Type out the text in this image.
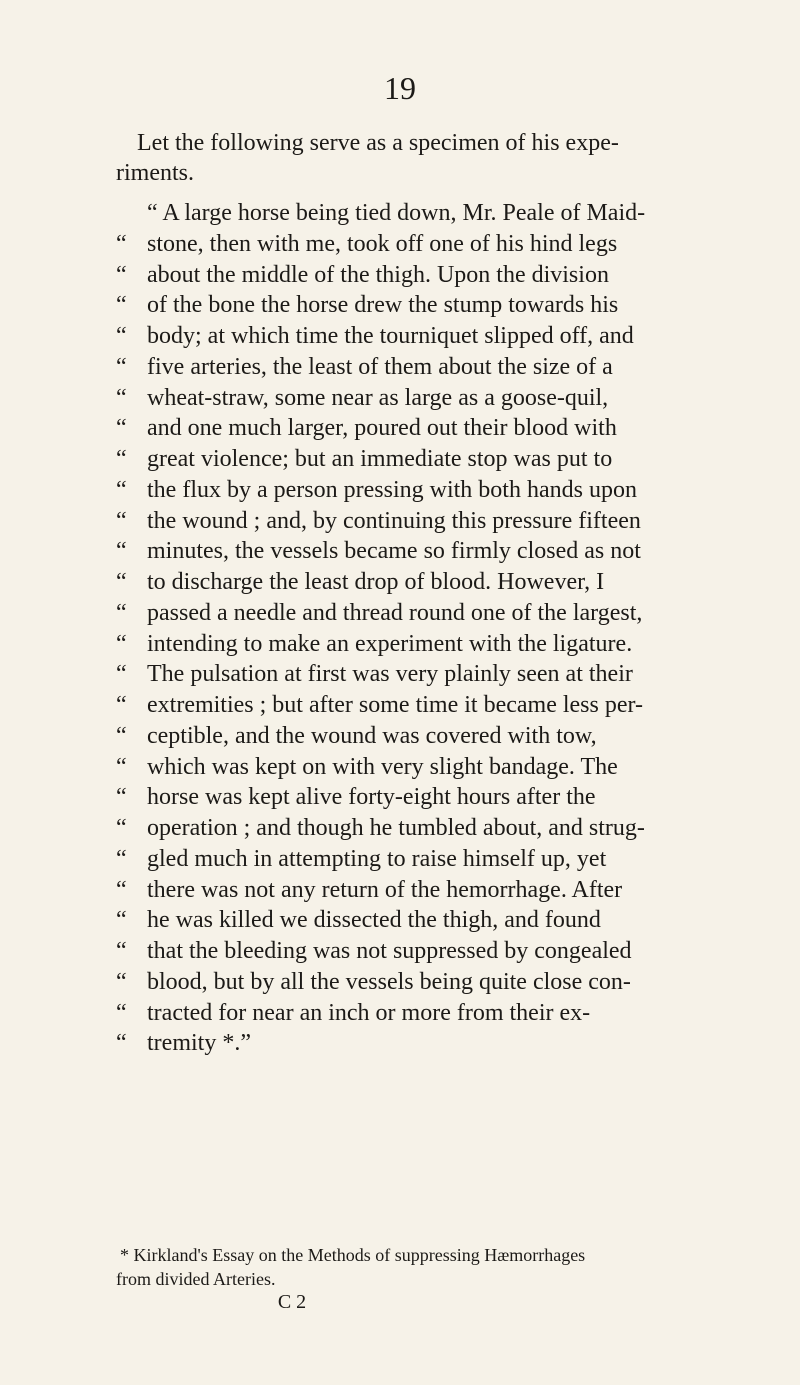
19
Let the following serve as a specimen of his expe-
riments.
“ A large horse being tied down, Mr. Peale of Maid-
“ stone, then with me, took off one of his hind legs
“ about the middle of the thigh. Upon the division
“ of the bone the horse drew the stump towards his
“ body; at which time the tourniquet slipped off, and
“ five arteries, the least of them about the size of a
“ wheat-straw, some near as large as a goose-quil,
“ and one much larger, poured out their blood with
“ great violence; but an immediate stop was put to
“ the flux by a person pressing with both hands upon
“ the wound ; and, by continuing this pressure fifteen
“ minutes, the vessels became so firmly closed as not
“ to discharge the least drop of blood. However, I
“ passed a needle and thread round one of the largest,
“ intending to make an experiment with the ligature.
“ The pulsation at first was very plainly seen at their
“ extremities ; but after some time it became less per-
“ ceptible, and the wound was covered with tow,
“ which was kept on with very slight bandage. The
“ horse was kept alive forty-eight hours after the
“ operation ; and though he tumbled about, and strug-
“ gled much in attempting to raise himself up, yet
“ there was not any return of the hemorrhage. After
“ he was killed we dissected the thigh, and found
“ that the bleeding was not suppressed by congealed
“ blood, but by all the vessels being quite close con-
“ tracted for near an inch or more from their ex-
“ tremity *.”
* Kirkland's Essay on the Methods of suppressing Hæmorrhages
from divided Arteries.
C 2
